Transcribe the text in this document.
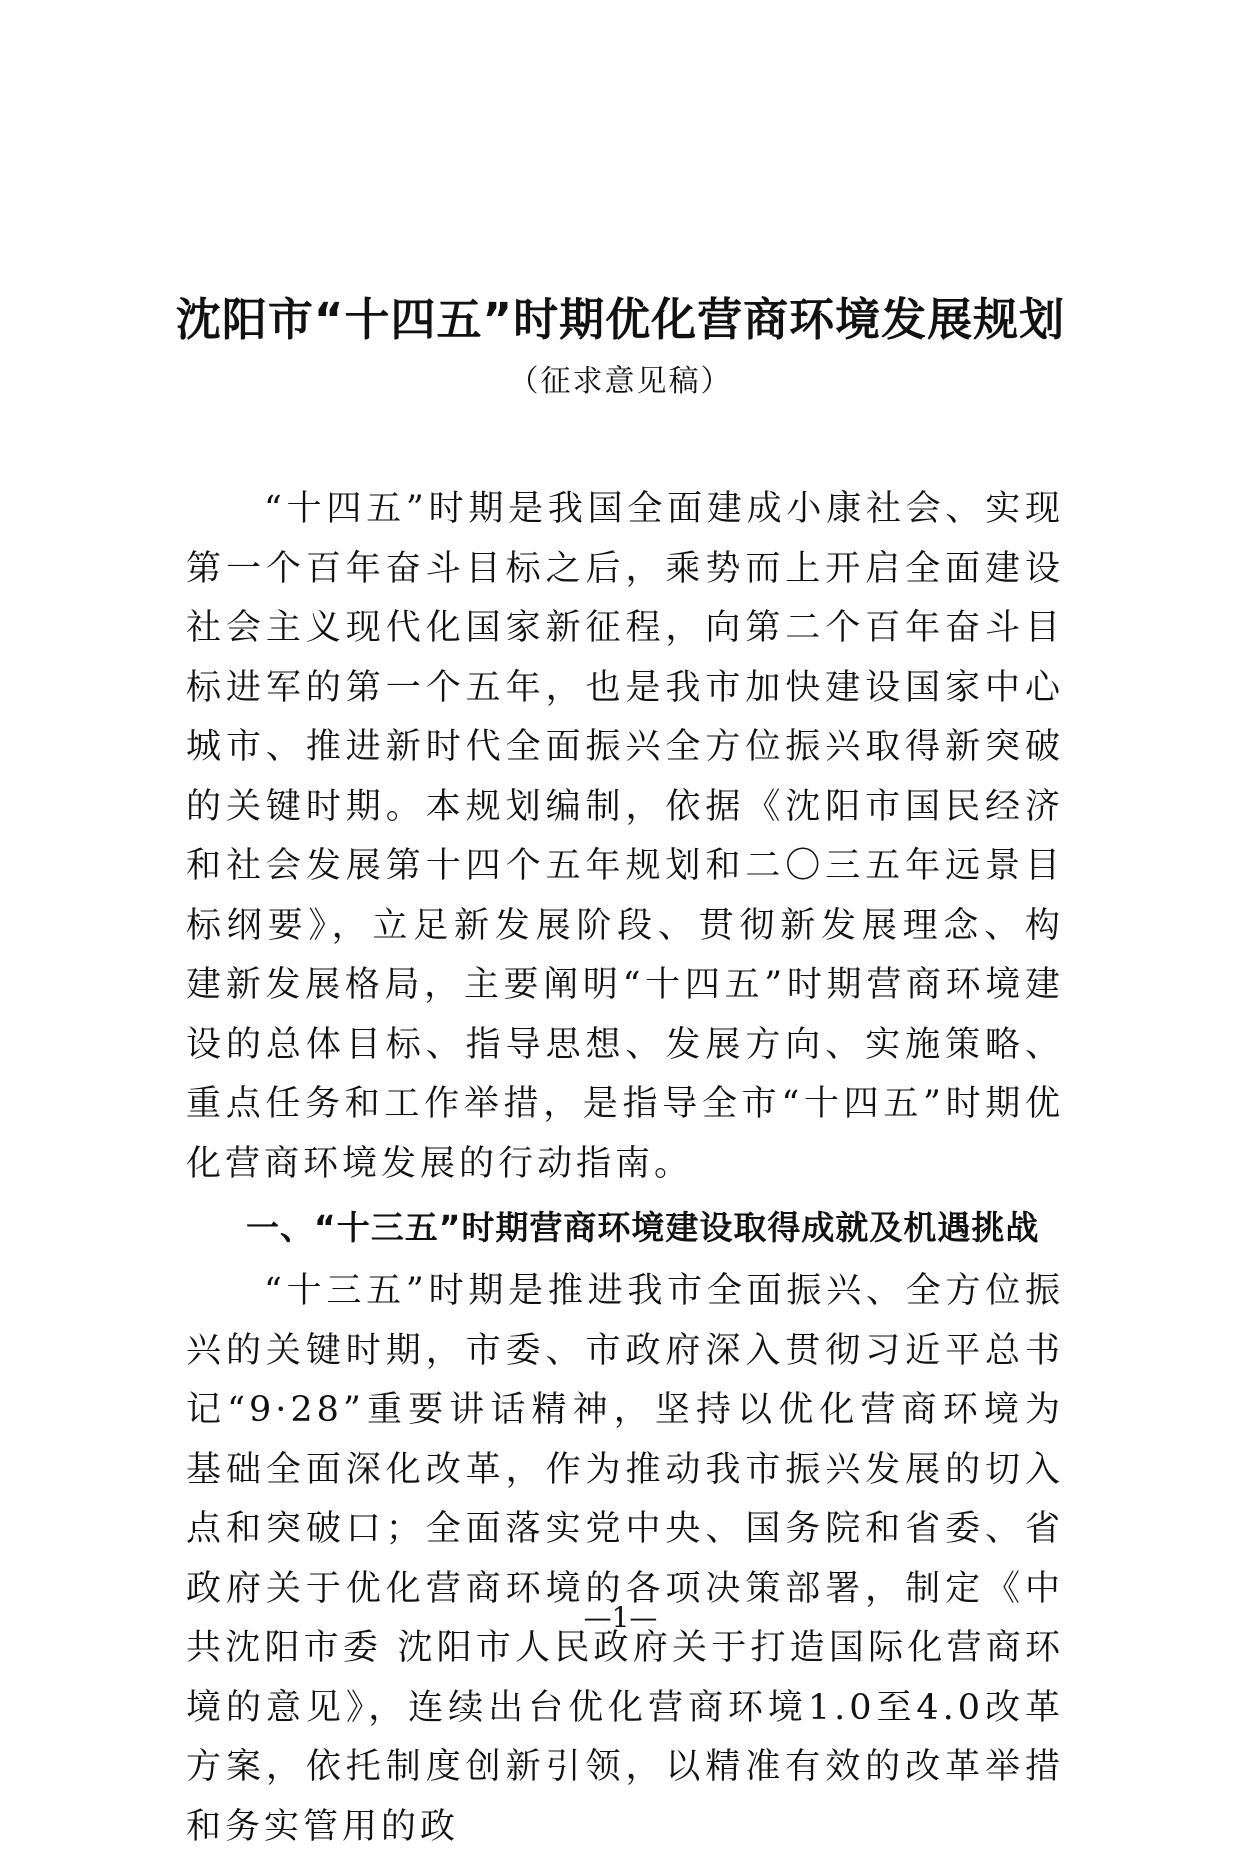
沈阳市“十四五”时期优化营商环境发展规划
（征求意见稿）

“十四五”时期是我国全面建成小康社会、实现第一个百年奋斗目标之后，乘势而上开启全面建设社会主义现代化国家新征程，向第二个百年奋斗目标进军的第一个五年，也是我市加快建设国家中心城市、推进新时代全面振兴全方位振兴取得新突破的关键时期。本规划编制，依据《沈阳市国民经济和社会发展第十四个五年规划和二〇三五年远景目标纲要》，立足新发展阶段、贯彻新发展理念、构建新发展格局，主要阐明“十四五”时期营商环境建设的总体目标、指导思想、发展方向、实施策略、重点任务和工作举措，是指导全市“十四五”时期优化营商环境发展的行动指南。

一、“十三五”时期营商环境建设取得成就及机遇挑战

“十三五”时期是推进我市全面振兴、全方位振兴的关键时期，市委、市政府深入贯彻习近平总书记“9·28”重要讲话精神，坚持以优化营商环境为基础全面深化改革，作为推动我市振兴发展的切入点和突破口；全面落实党中央、国务院和省委、省政府关于优化营商环境的各项决策部署，制定《中共沈阳市委 沈阳市人民政府关于打造国际化营商环境的意见》，连续出台优化营商环境1.0至4.0改革方案，依托制度创新引领，以精准有效的改革举措和务实管用的政

—1—
